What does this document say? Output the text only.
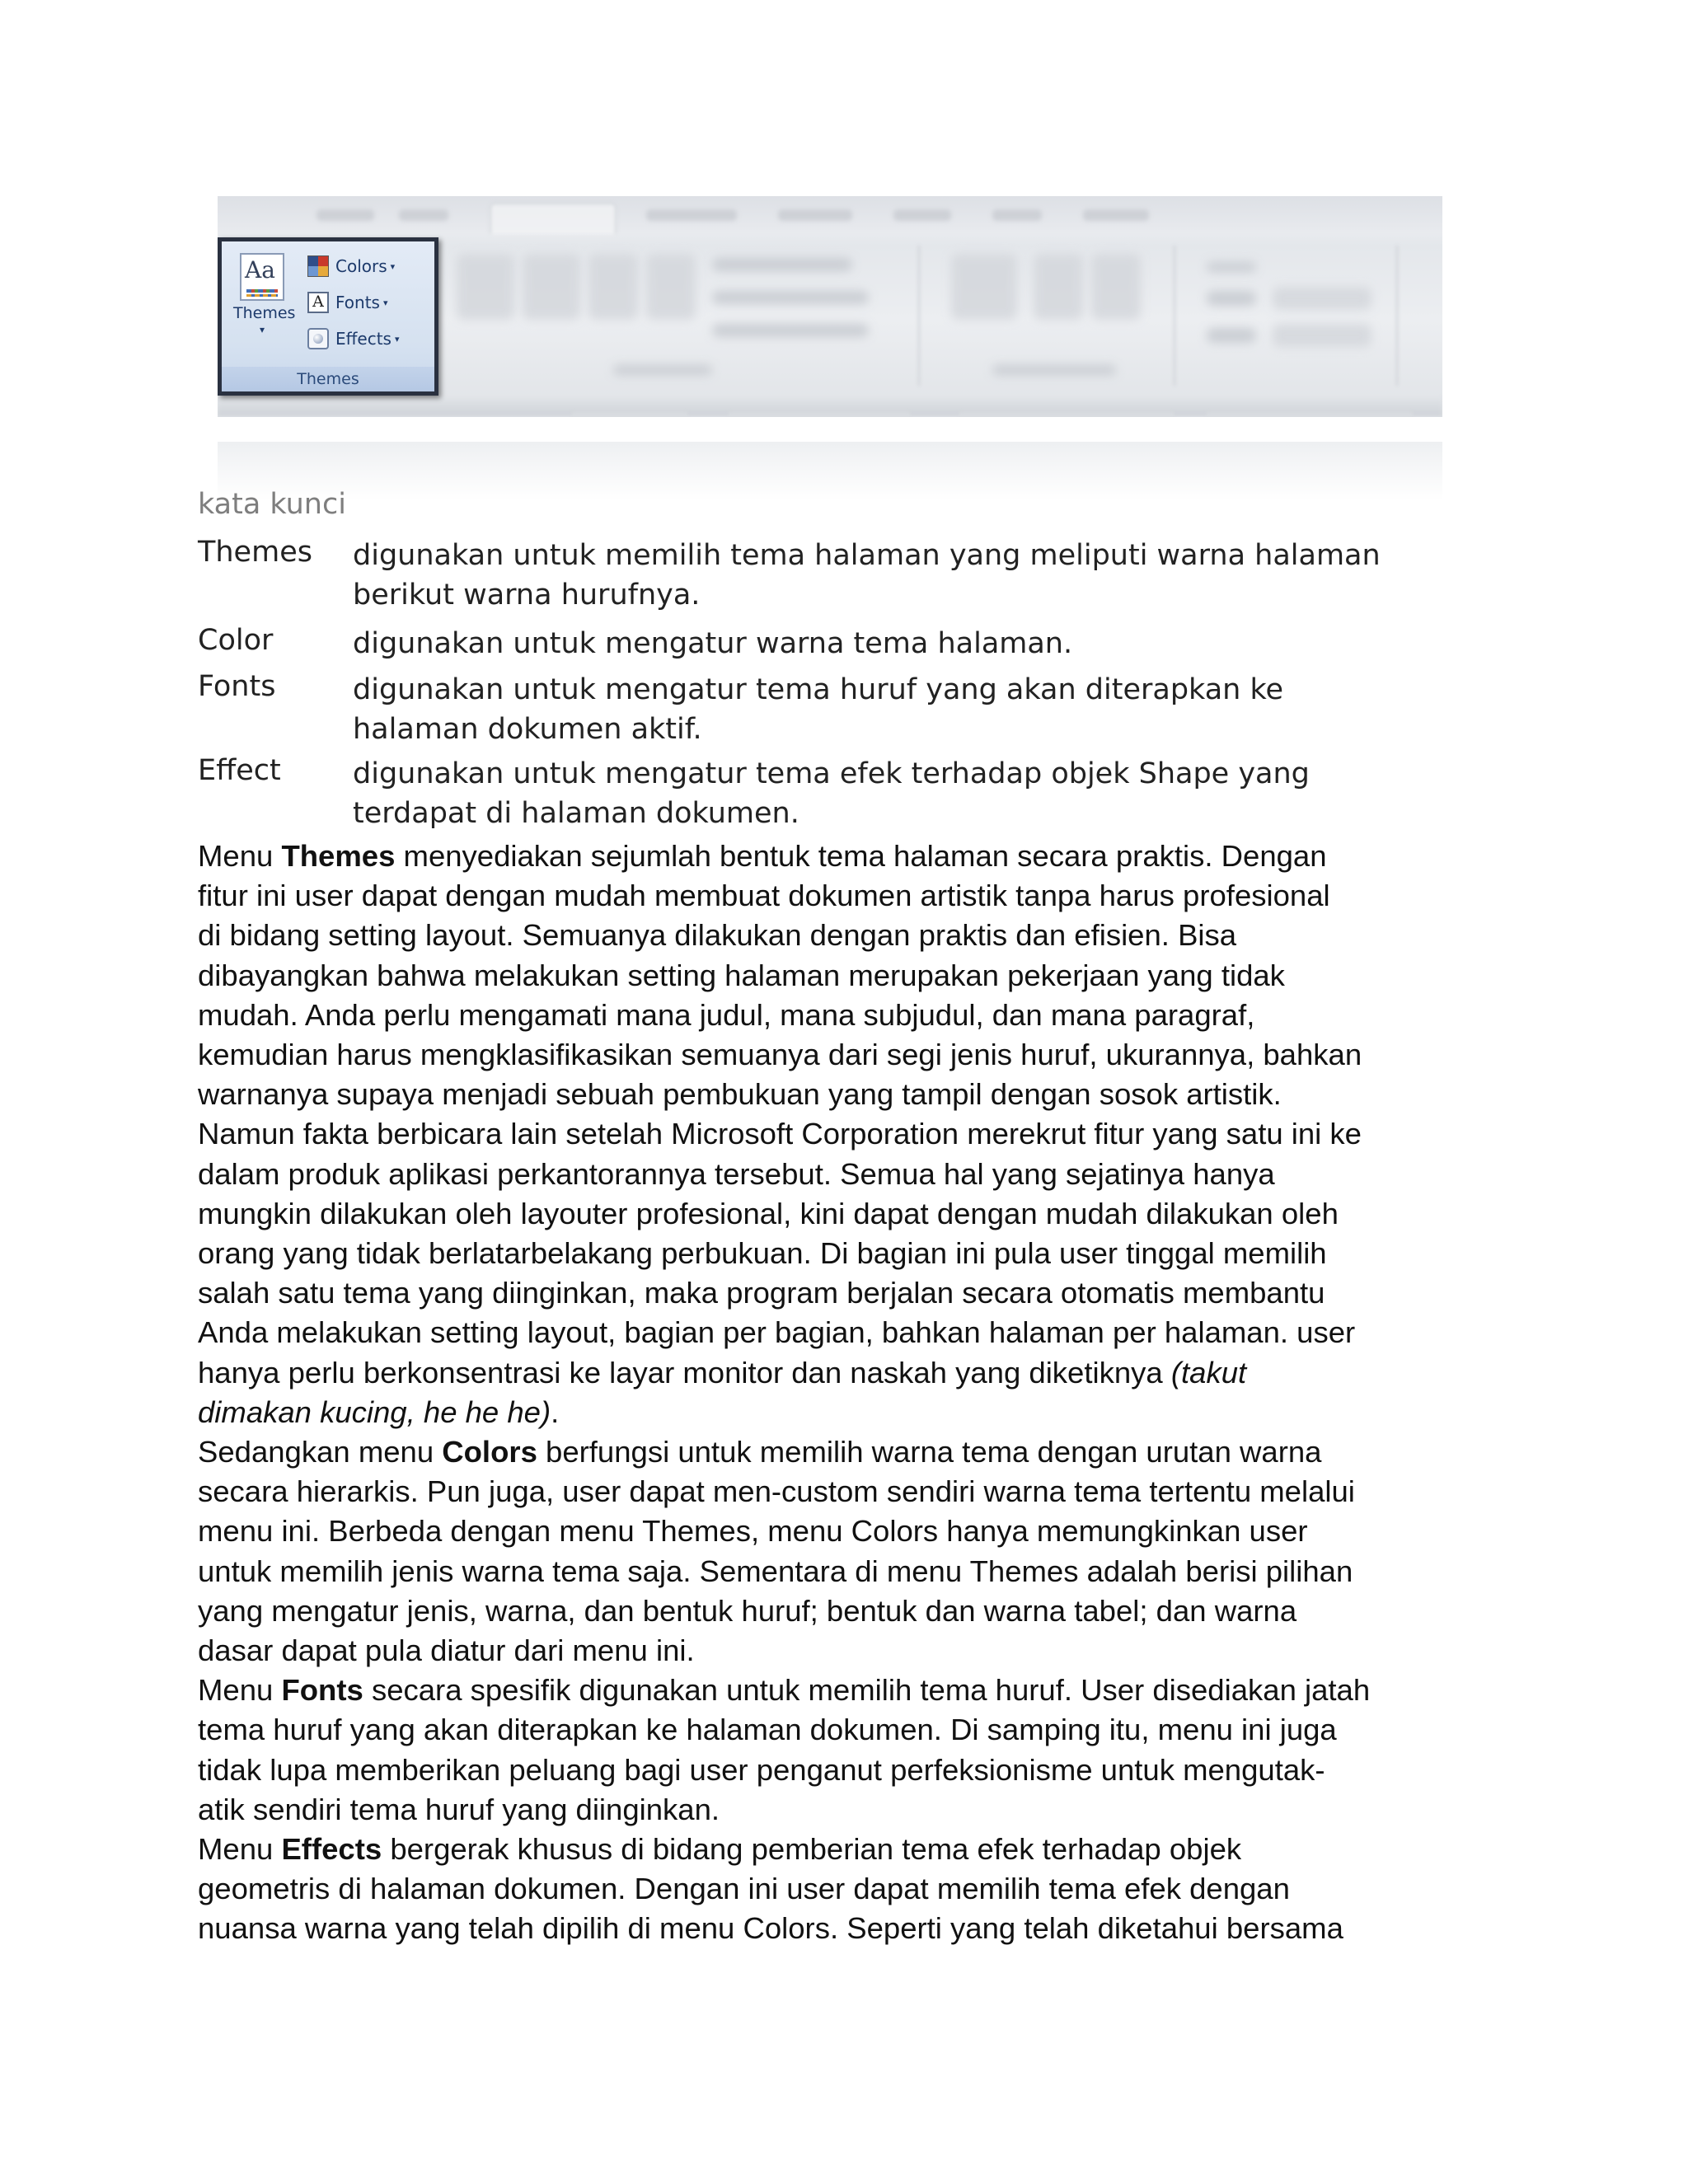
Aa
Themes
▾
Colors ▾
A Fonts ▾
Effects ▾
Themes
kata kunci
Themes digunakan untuk memilih tema halaman yang meliputi warna halaman
berikut warna hurufnya.
Color	digunakan untuk mengatur warna tema halaman.
Fonts	digunakan untuk mengatur tema huruf yang akan diterapkan ke
halaman dokumen aktif.
Effect digunakan untuk mengatur tema efek terhadap objek Shape yang
terdapat di halaman dokumen.
Menu Themes menyediakan sejumlah bentuk tema halaman secara praktis. Dengan
fitur ini user dapat dengan mudah membuat dokumen artistik tanpa harus profesional
di bidang setting layout. Semuanya dilakukan dengan praktis dan efisien. Bisa
dibayangkan bahwa melakukan setting halaman merupakan pekerjaan yang tidak
mudah. Anda perlu mengamati mana judul, mana subjudul, dan mana paragraf,
kemudian harus mengklasifikasikan semuanya dari segi jenis huruf, ukurannya, bahkan
warnanya supaya menjadi sebuah pembukuan yang tampil dengan sosok artistik.
Namun fakta berbicara lain setelah Microsoft Corporation merekrut fitur yang satu ini ke
dalam produk aplikasi perkantorannya tersebut. Semua hal yang sejatinya hanya
mungkin dilakukan oleh layouter profesional, kini dapat dengan mudah dilakukan oleh
orang yang tidak berlatarbelakang perbukuan. Di bagian ini pula user tinggal memilih
salah satu tema yang diinginkan, maka program berjalan secara otomatis membantu
Anda melakukan setting layout, bagian per bagian, bahkan halaman per halaman. user
hanya perlu berkonsentrasi ke layar monitor dan naskah yang diketiknya (takut
dimakan kucing, he he he).
Sedangkan menu Colors berfungsi untuk memilih warna tema dengan urutan warna
secara hierarkis. Pun juga, user dapat men-custom sendiri warna tema tertentu melalui
menu ini. Berbeda dengan menu Themes, menu Colors hanya memungkinkan user
untuk memilih jenis warna tema saja. Sementara di menu Themes adalah berisi pilihan
yang mengatur jenis, warna, dan bentuk huruf; bentuk dan warna tabel; dan warna
dasar dapat pula diatur dari menu ini.
Menu Fonts secara spesifik digunakan untuk memilih tema huruf. User disediakan jatah
tema huruf yang akan diterapkan ke halaman dokumen. Di samping itu, menu ini juga
tidak lupa memberikan peluang bagi user penganut perfeksionisme untuk mengutak-
atik sendiri tema huruf yang diinginkan.
Menu Effects bergerak khusus di bidang pemberian tema efek terhadap objek
geometris di halaman dokumen. Dengan ini user dapat memilih tema efek dengan
nuansa warna yang telah dipilih di menu Colors. Seperti yang telah diketahui bersama
